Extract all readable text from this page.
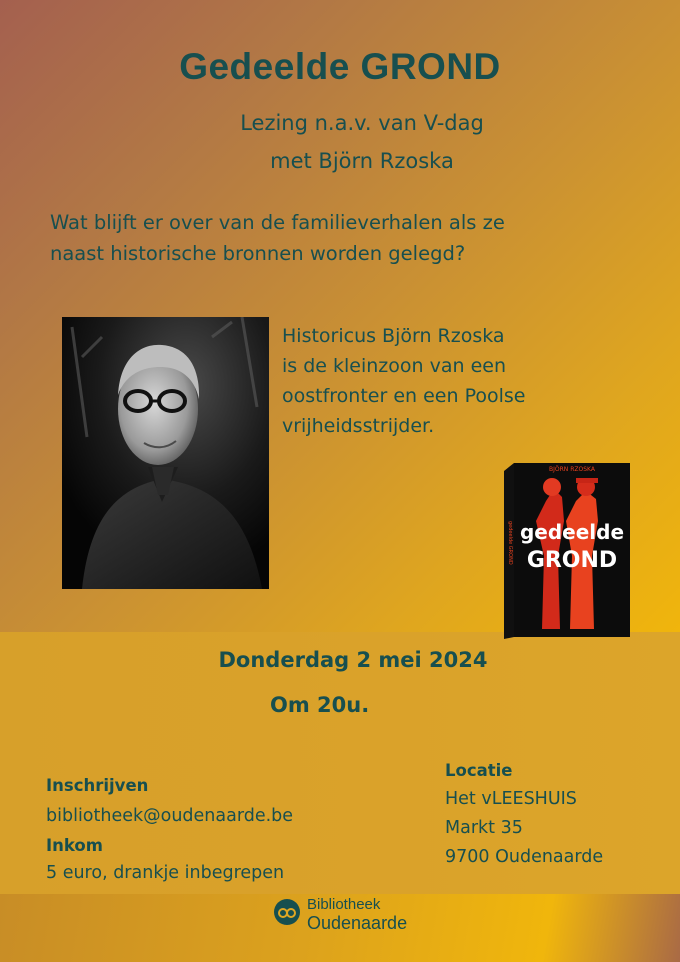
Gedeelde GROND

Lezing n.a.v. van V-dag

met Björn Rzoska

Wat blijft er over van de familieverhalen als ze
naast historische bronnen worden gelegd?
Historicus Björn Rzoska
is de kleinzoon van een
oostfronter en een Poolse
vrijheidsstrijder.
BJÖRN RZOSKA
gedeelde
GROND
gedeelde GROND

Donderdag 2 mei 2024

Om 20u.

Inschrijven
bibliotheek@oudenaarde.be
Inkom
5 euro, drankje inbegrepen
Locatie
Het vLEESHUIS
Markt 35
9700 Oudenaarde
Bibliotheek
Oudenaarde
